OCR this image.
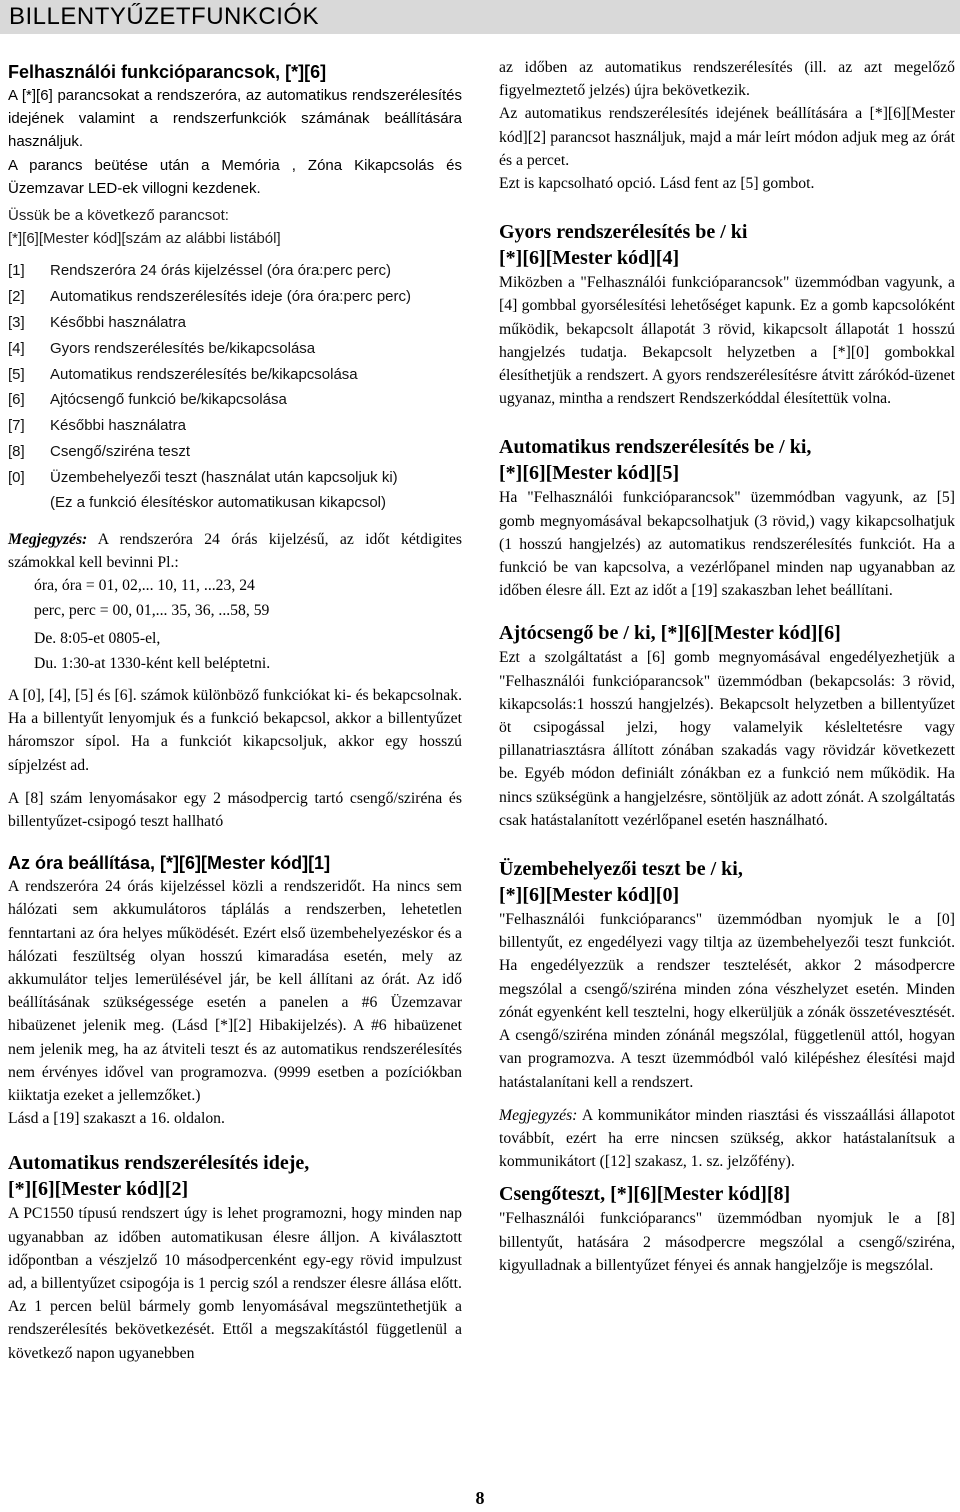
BILLENTYŰZETFUNKCIÓK
Felhasználói funkcióparancsok, [*][6]

A [*][6] parancsokat a rendszeróra, az automatikus rendszerélesítés idejének valamint a rendszerfunkciók számának beállítására használjuk.

A parancs beütése után a Memória , Zóna Kikapcsolás és Üzemzavar LED-ek villogni kezdenek.

Üssük be a következő parancsot:

[*][6][Mester kód][szám az alábbi listából]

[1]	Rendszeróra 24 órás kijelzéssel (óra óra:perc perc)
[2]	Automatikus rendszerélesítés ideje (óra óra:perc perc)
[3]	Későbbi használatra
[4]	Gyors rendszerélesítés be/kikapcsolása
[5]	Automatikus rendszerélesítés be/kikapcsolása
[6]	Ajtócsengő funkció be/kikapcsolása
[7]	Későbbi használatra
[8]	Csengő/sziréna teszt
[0]	Üzembehelyezői teszt (használat után kapcsoljuk ki)
(Ez a funkció élesítéskor automatikusan kikapcsol)

Megjegyzés: A rendszeróra 24 órás kijelzésű, az időt kétdigites számokkal kell bevinni Pl.:

óra, óra = 01, 02,... 10, 11, ...23, 24
perc, perc = 00, 01,... 35, 36, ...58, 59
De. 8:05-et 0805-el,
Du. 1:30-at 1330-ként kell beléptetni.

A [0], [4], [5] és [6]. számok különböző funkciókat ki- és bekapcsolnak. Ha a billentyűt lenyomjuk és a funkció bekapcsol, akkor a billentyűzet háromszor sípol. Ha a funkciót kikapcsoljuk, akkor egy hosszú sípjelzést ad.

A [8] szám lenyomásakor egy 2 másodpercig tartó csengő/sziréna és billentyűzet-csipogó teszt hallható

Az óra beállítása, [*][6][Mester kód][1]

A rendszeróra 24 órás kijelzéssel közli a rendszeridőt. Ha nincs sem hálózati sem akkumulátoros táplálás a rendszerben, lehetetlen fenntartani az óra helyes működését. Ezért első üzembehelyezéskor és a hálózati feszültség olyan hosszú kimaradása esetén, mely az akkumulátor teljes lemerülésével jár, be kell állítani az órát. Az idő beállításának szükségessége esetén a panelen a #6 Üzemzavar hibaüzenet jelenik meg. (Lásd [*][2] Hibakijelzés). A #6 hibaüzenet nem jelenik meg, ha az átviteli teszt és az automatikus rendszerélesítés nem érvényes idővel van programozva. (9999 esetben a pozíciókban kiiktatja ezeket a jellemzőket.)

Lásd a [19] szakaszt a 16. oldalon.

Automatikus rendszerélesítés ideje,
[*][6][Mester kód][2]

A PC1550 típusú rendszert úgy is lehet programozni, hogy minden nap ugyanabban az időben automatikusan élesre álljon. A kiválasztott időpontban a vészjelző 10 másodpercenként egy-egy rövid impulzust ad, a billentyűzet csipogója is 1 percig szól a rendszer élesre állása előtt.

Az 1 percen belül bármely gomb lenyomásával megszüntethetjük a rendszerélesítés bekövetkezését. Ettől a megszakítástól függetlenül a következő napon ugyanebben

az időben az automatikus rendszerélesítés (ill. az azt megelőző figyelmeztető jelzés) újra bekövetkezik.

Az automatikus rendszerélesítés idejének beállítására a [*][6][Mester kód][2] parancsot használjuk, majd a már leírt módon adjuk meg az órát és a percet.

Ezt is kapcsolható opció. Lásd fent az [5] gombot.

Gyors rendszerélesítés be / ki
[*][6][Mester kód][4]

Miközben a "Felhasználói funkcióparancsok" üzemmódban vagyunk, a [4] gombbal gyorsélesítési lehetőséget kapunk. Ez a gomb kapcsolóként működik, bekapcsolt állapotát 3 rövid, kikapcsolt állapotát 1 hosszú hangjelzés tudatja. Bekapcsolt helyzetben a [*][0] gombokkal élesíthetjük a rendszert. A gyors rendszerélesítésre átvitt zárókód-üzenet ugyanaz, mintha a rendszert Rendszerkóddal élesítettük volna.

Automatikus rendszerélesítés be / ki,
[*][6][Mester kód][5]

Ha "Felhasználói funkcióparancsok" üzemmódban vagyunk, az [5] gomb megnyomásával bekapcsolhatjuk (3 rövid,) vagy kikapcsolhatjuk (1 hosszú hangjelzés) az automatikus rendszerélesítés funkciót. Ha a funkció be van kapcsolva, a vezérlőpanel minden nap ugyanabban az időben élesre áll. Ezt az időt a [19] szakaszban lehet beállítani.

Ajtócsengő be / ki, [*][6][Mester kód][6]

Ezt a szolgáltatást a [6] gomb megnyomásával engedélyezhetjük a "Felhasználói funkcióparancsok" üzemmódban (bekapcsolás: 3 rövid, kikapcsolás:1 hosszú hangjelzés). Bekapcsolt helyzetben a billentyűzet öt csipogással jelzi, hogy valamelyik késleltetésre vagy pillanatriasztásra állított zónában szakadás vagy rövidzár következett be. Egyéb módon definiált zónákban ez a funkció nem működik. Ha nincs szükségünk a hangjelzésre, söntöljük az adott zónát. A szolgáltatás csak hatástalanított vezérlőpanel esetén használható.

Üzembehelyezői teszt be / ki,
[*][6][Mester kód][0]

"Felhasználói funkcióparancs" üzemmódban nyomjuk le a [0] billentyűt, ez engedélyezi vagy tiltja az üzembehelyezői teszt funkciót. Ha engedélyezzük a rendszer tesztelését, akkor 2 másodpercre megszólal a csengő/sziréna minden zóna vészhelyzet esetén. Minden zónát egyenként kell tesztelni, hogy elkerüljük a zónák összetévesztését. A csengő/sziréna minden zónánál megszólal, függetlenül attól, hogyan van programozva. A teszt üzemmódból való kilépéshez élesítési majd hatástalanítani kell a rendszert.

Megjegyzés: A kommunikátor minden riasztási és visszaállási állapotot továbbít, ezért ha erre nincsen szükség, akkor hatástalanítsuk a kommunikátort ([12] szakasz, 1. sz. jelzőfény).

Csengőteszt, [*][6][Mester kód][8]

"Felhasználói funkcióparancs" üzemmódban nyomjuk le a [8] billentyűt, hatására 2 másodpercre megszólal a csengő/sziréna, kigyulladnak a billentyűzet fényei és annak hangjelzője is megszólal.

8
